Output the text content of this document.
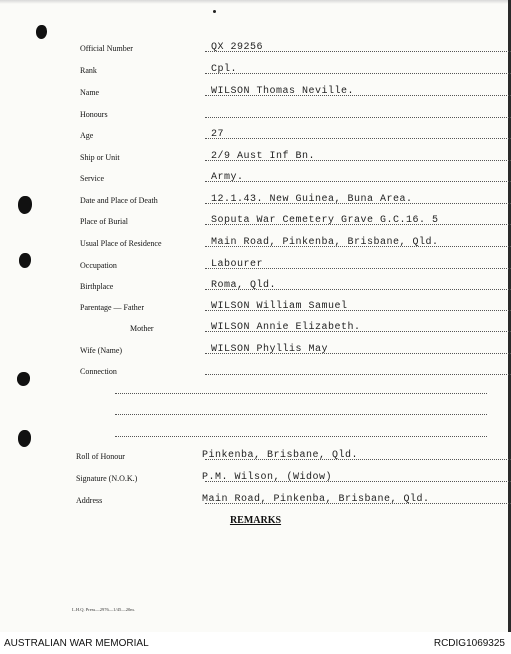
Official Number	QX 29256
Rank	Cpl.
Name	WILSON Thomas Neville.
Honours
Age	27
Ship or Unit	2/9 Aust Inf Bn.
Service	Army.
Date and Place of Death	12.1.43. New Guinea, Buna Area.
Place of Burial	Soputa War Cemetery Grave G.C.16. 5
Usual Place of Residence	Main Road, Pinkenba, Brisbane, Qld.
Occupation	Labourer
Birthplace	Roma, Qld.
Parentage — Father	WILSON William Samuel
Mother	WILSON Annie Elizabeth.
Wife (Name)	WILSON Phyllis May
Connection
Roll of Honour	Pinkenba, Brisbane, Qld.
Signature (N.O.K.)	P.M. Wilson, (Widow)
Address	Main Road, Pinkenba, Brisbane, Qld.
REMARKS
L.H.Q. Press—2976—1/45—20m.
AUSTRALIAN WAR MEMORIAL	RCDIG1069325
